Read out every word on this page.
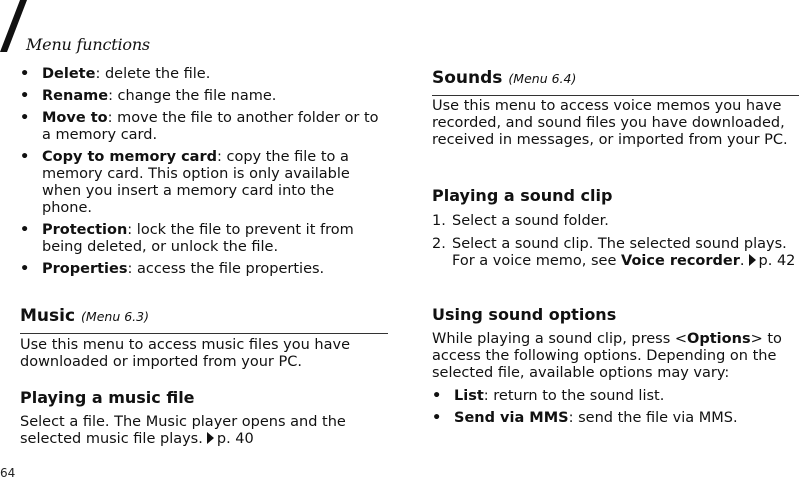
Menu functions
• Delete: delete the file.
• Rename: change the file name.
• Move to: move the file to another folder or to a memory card.
• Copy to memory card: copy the file to a memory card. This option is only available when you insert a memory card into the phone.
• Protection: lock the file to prevent it from being deleted, or unlock the file.
• Properties: access the file properties.
Music (Menu 6.3)

Use this menu to access music files you have downloaded or imported from your PC.

Playing a music file

Select a file. The Music player opens and the selected music file plays. p. 40

Sounds (Menu 6.4)

Use this menu to access voice memos you have recorded, and sound files you have downloaded, received in messages, or imported from your PC.

Playing a sound clip
1. Select a sound folder.
2. Select a sound clip. The selected sound plays. For a voice memo, see Voice recorder. p. 42
Using sound options

While playing a sound clip, press <Options> to access the following options. Depending on the selected file, available options may vary:

• List: return to the sound list.
• Send via MMS: send the file via MMS.
64
